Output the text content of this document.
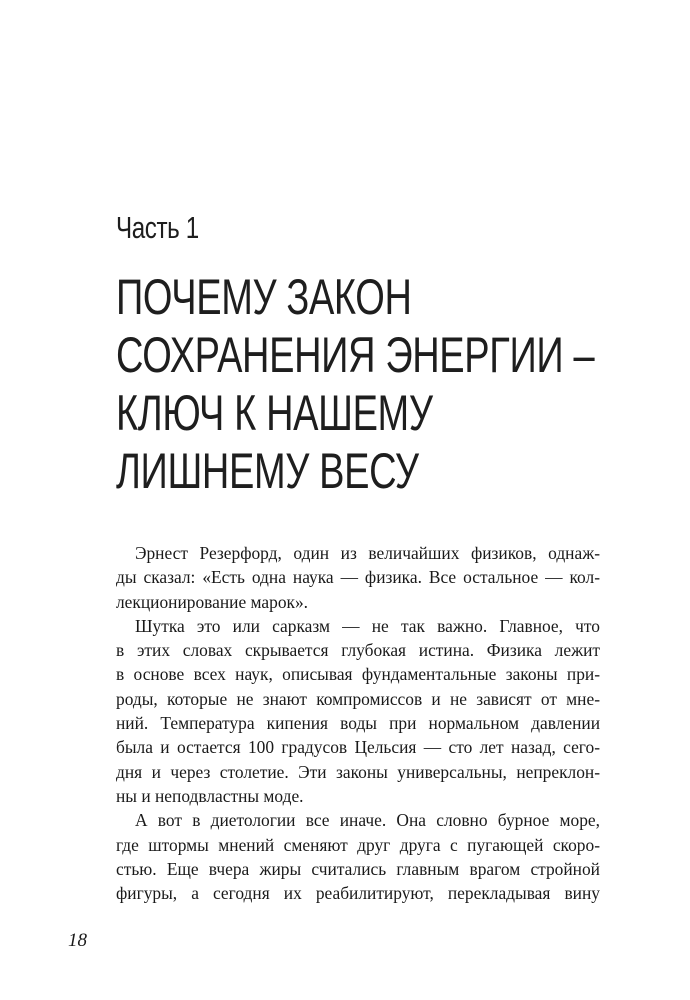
Часть 1
ПОЧЕМУ ЗАКОН
СОХРАНЕНИЯ ЭНЕРГИИ –
КЛЮЧ К НАШЕМУ
ЛИШНЕМУ ВЕСУ
Эрнест Резерфорд, один из величайших физиков, однаж-
ды сказал: «Есть одна наука — физика. Все остальное — кол-
лекционирование марок».
Шутка это или сарказм — не так важно. Главное, что
в этих словах скрывается глубокая истина. Физика лежит
в основе всех наук, описывая фундаментальные законы при-
роды, которые не знают компромиссов и не зависят от мне-
ний. Температура кипения воды при нормальном давлении
была и остается 100 градусов Цельсия — сто лет назад, сего-
дня и через столетие. Эти законы универсальны, непреклон-
ны и неподвластны моде.
А вот в диетологии все иначе. Она словно бурное море,
где штормы мнений сменяют друг друга с пугающей скоро-
стью. Еще вчера жиры считались главным врагом стройной
фигуры, а сегодня их реабилитируют, перекладывая вину
18
